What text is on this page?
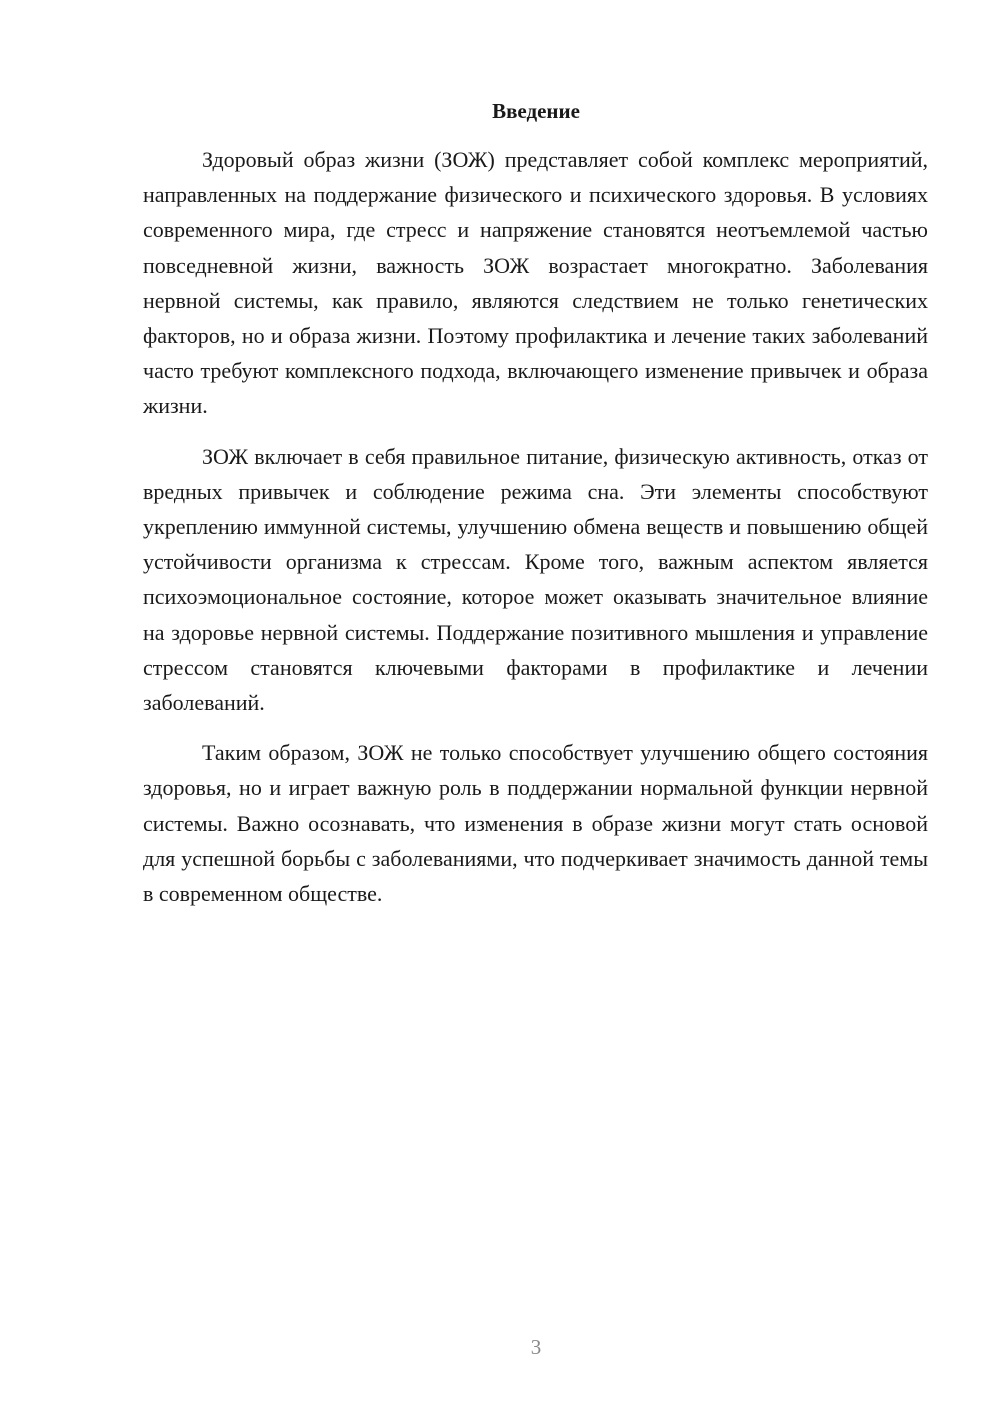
Введение

Здоровый образ жизни (ЗОЖ) представляет собой комплекс мероприятий, направленных на поддержание физического и психического здоровья. В условиях современного мира, где стресс и напряжение становятся неотъемлемой частью повседневной жизни, важность ЗОЖ возрастает многократно. Заболевания нервной системы, как правило, являются следствием не только генетических факторов, но и образа жизни. Поэтому профилактика и лечение таких заболеваний часто требуют комплексного подхода, включающего изменение привычек и образа жизни.

ЗОЖ включает в себя правильное питание, физическую активность, отказ от вредных привычек и соблюдение режима сна. Эти элементы способствуют укреплению иммунной системы, улучшению обмена веществ и повышению общей устойчивости организма к стрессам. Кроме того, важным аспектом является психоэмоциональное состояние, которое может оказывать значительное влияние на здоровье нервной системы. Поддержание позитивного мышления и управление стрессом становятся ключевыми факторами в профилактике и лечении заболеваний.

Таким образом, ЗОЖ не только способствует улучшению общего состояния здоровья, но и играет важную роль в поддержании нормальной функции нервной системы. Важно осознавать, что изменения в образе жизни могут стать основой для успешной борьбы с заболеваниями, что подчеркивает значимость данной темы в современном обществе.

3
